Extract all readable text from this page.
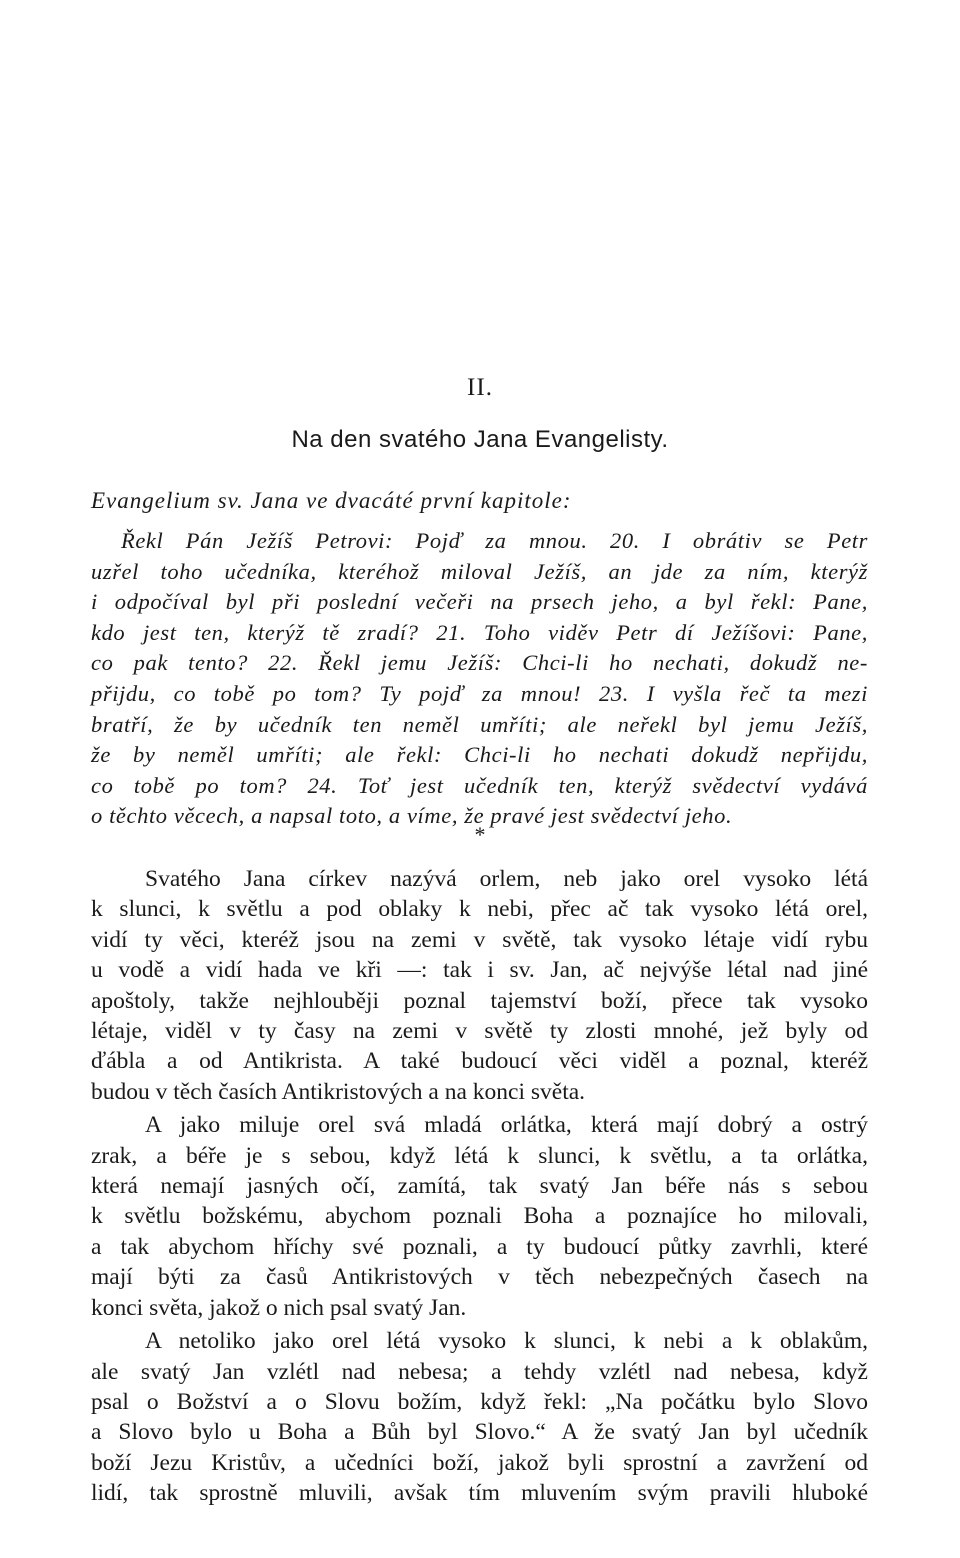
II.
Na den svatého Jana Evangelisty.
Evangelium sv. Jana ve dvacáté první kapitole:
Řekl Pán Ježíš Petrovi: Pojď za mnou. 20. I obrátiv se Petr
uzřel toho učedníka, kteréhož miloval Ježíš, an jde za ním, kterýž
i odpočíval byl při poslední večeři na prsech jeho, a byl řekl: Pane,
kdo jest ten, kterýž tě zradí? 21. Toho viděv Petr dí Ježíšovi: Pane,
co pak tento? 22. Řekl jemu Ježíš: Chci-li ho nechati, dokudž ne-
přijdu, co tobě po tom? Ty pojď za mnou! 23. I vyšla řeč ta mezi
bratří, že by učedník ten neměl umříti; ale neřekl byl jemu Ježíš,
že by neměl umříti; ale řekl: Chci-li ho nechati dokudž nepřijdu,
co tobě po tom? 24. Toť jest učedník ten, kterýž svědectví vydává
o těchto věcech, a napsal toto, a víme, že pravé jest svědectví jeho.
*
Svatého Jana církev nazývá orlem, neb jako orel vysoko létá
k slunci, k světlu a pod oblaky k nebi, přec ač tak vysoko létá orel,
vidí ty věci, kteréž jsou na zemi v světě, tak vysoko létaje vidí rybu
u vodě a vidí hada ve kři —: tak i sv. Jan, ač nejvýše létal nad jiné
apoštoly, takže nejhlouběji poznal tajemství boží, přece tak vysoko
létaje, viděl v ty časy na zemi v světě ty zlosti mnohé, jež byly od
ďábla a od Antikrista. A také budoucí věci viděl a poznal, kteréž
budou v těch časích Antikristových a na konci světa.
A jako miluje orel svá mladá orlátka, která mají dobrý a ostrý
zrak, a béře je s sebou, když létá k slunci, k světlu, a ta orlátka,
která nemají jasných očí, zamítá, tak svatý Jan béře nás s sebou
k světlu božskému, abychom poznali Boha a poznajíce ho milovali,
a tak abychom hříchy své poznali, a ty budoucí půtky zavrhli, které
mají býti za časů Antikristových v těch nebezpečných časech na
konci světa, jakož o nich psal svatý Jan.
A netoliko jako orel létá vysoko k slunci, k nebi a k oblakům,
ale svatý Jan vzlétl nad nebesa; a tehdy vzlétl nad nebesa, když
psal o Božství a o Slovu božím, když řekl: „Na počátku bylo Slovo
a Slovo bylo u Boha a Bůh byl Slovo.“ A že svatý Jan byl učedník
boží Jezu Kristův, a učedníci boží, jakož byli sprostní a zavržení od
lidí, tak sprostně mluvili, avšak tím mluvením svým pravili hluboké
